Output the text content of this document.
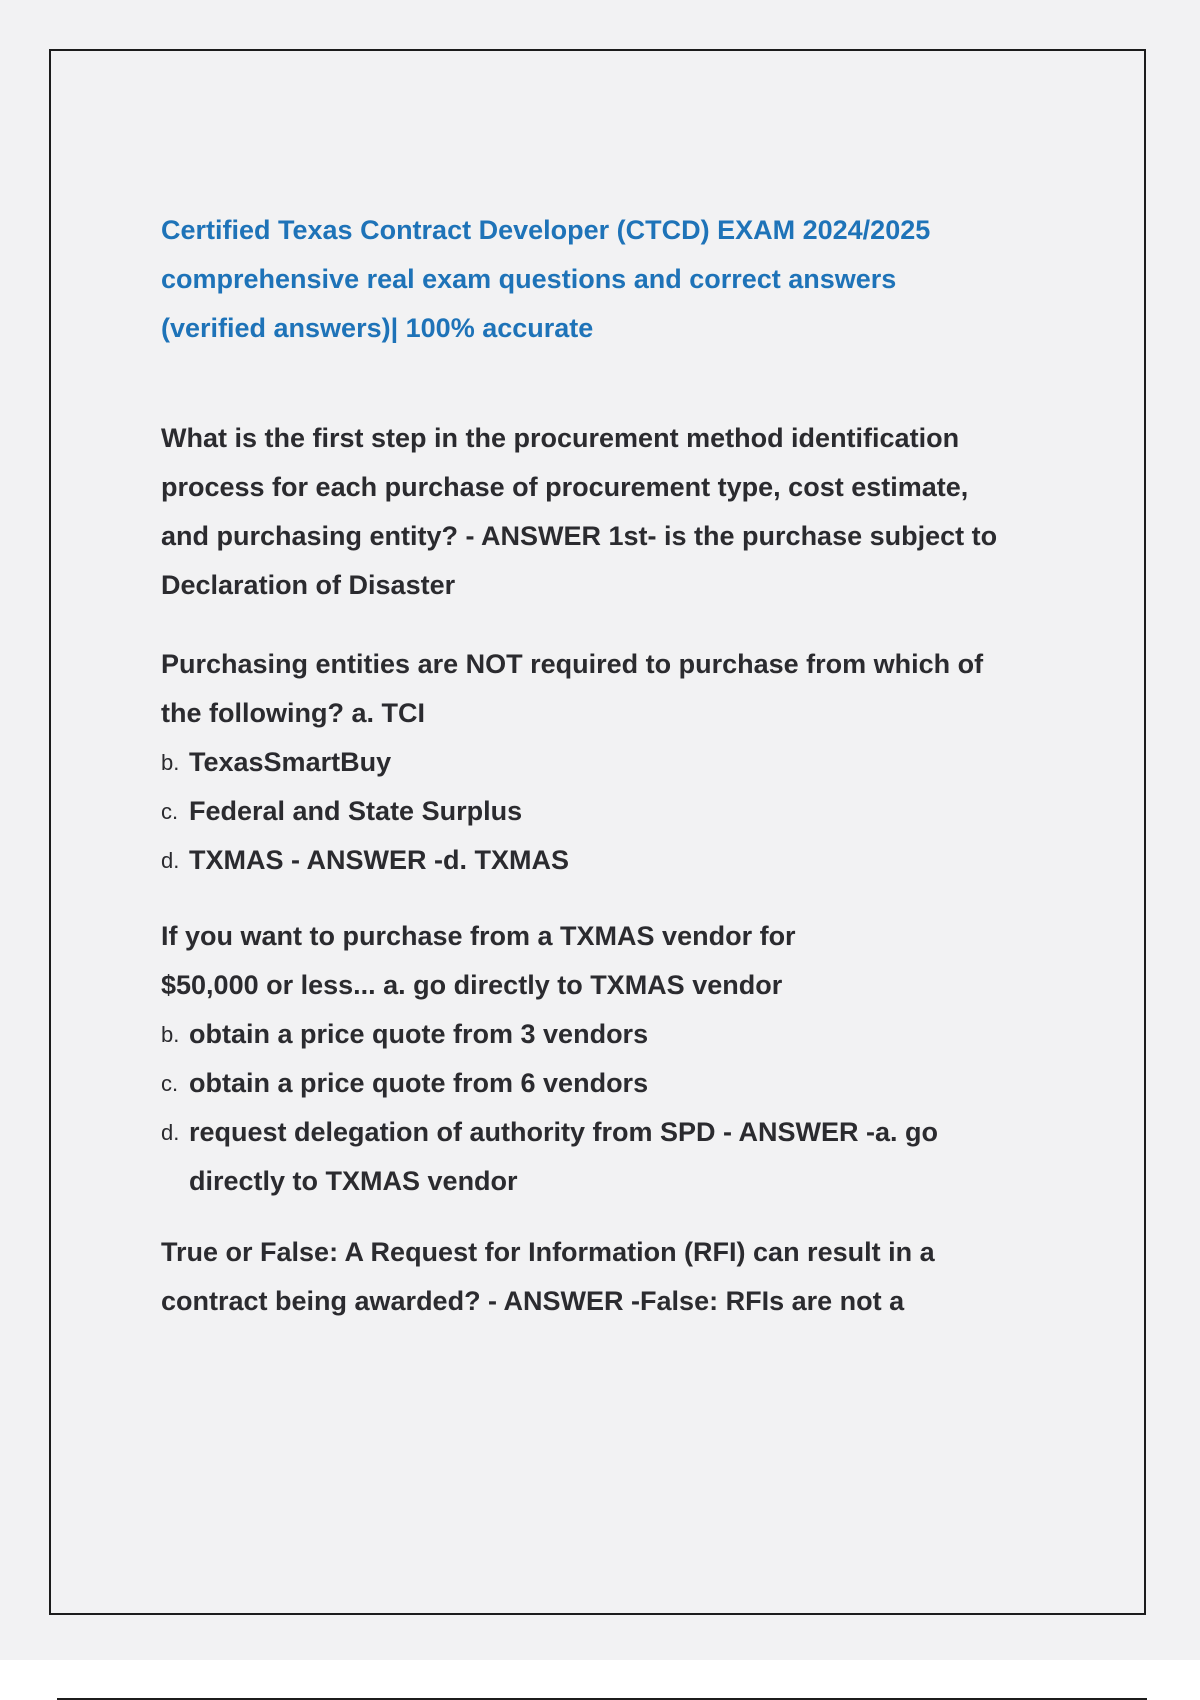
Certified Texas Contract Developer (CTCD) EXAM 2024/2025
comprehensive real exam questions and correct answers
(verified answers)| 100% accurate
What is the first step in the procurement method identification
process for each purchase of procurement type, cost estimate,
and purchasing entity? - ANSWER 1st- is the purchase subject to
Declaration of Disaster
Purchasing entities are NOT required to purchase from which of
the following? a. TCI
b. TexasSmartBuy
c. Federal and State Surplus
d. TXMAS - ANSWER -d. TXMAS
If you want to purchase from a TXMAS vendor for
$50,000 or less... a. go directly to TXMAS vendor
b. obtain a price quote from 3 vendors
c. obtain a price quote from 6 vendors
d. request delegation of authority from SPD - ANSWER -a. go
directly to TXMAS vendor
True or False: A Request for Information (RFI) can result in a
contract being awarded? - ANSWER -False: RFIs are not a
